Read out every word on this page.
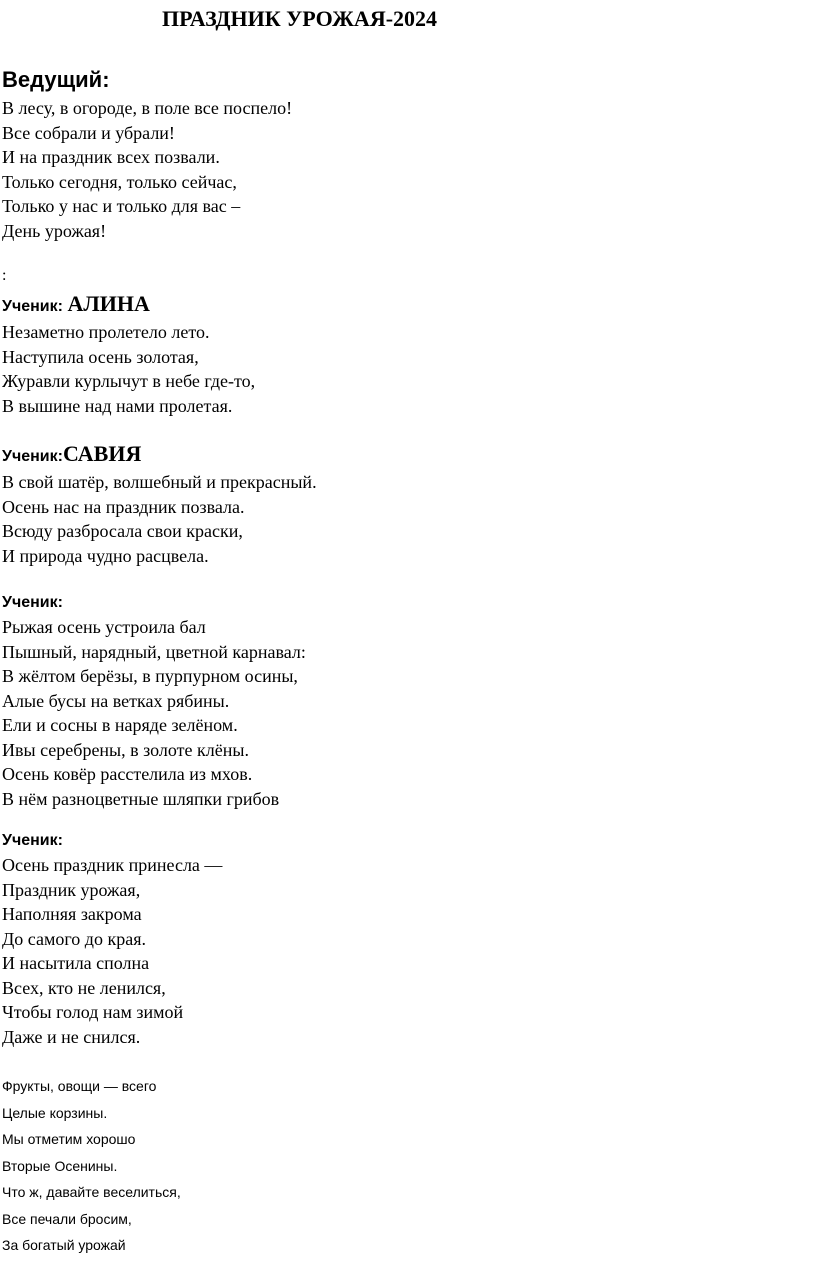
ПРАЗДНИК УРОЖАЯ-2024
Ведущий:
В лесу, в огороде, в поле все поспело!
Все собрали и убрали!
И на праздник всех позвали.
Только сегодня, только сейчас,
Только у нас и только для вас –
День урожая!
:
Ученик: АЛИНА
Незаметно пролетело лето.
Наступила осень золотая,
Журавли курлычут в небе где-то,
В вышине над нами пролетая.
Ученик:САВИЯ
В свой шатёр, волшебный и прекрасный.
Осень нас на праздник позвала.
Всюду разбросала свои краски,
И природа чудно расцвела.
Ученик:
Рыжая осень устроила бал
Пышный, нарядный, цветной карнавал:
В жёлтом берёзы, в пурпурном осины,
Алые бусы на ветках рябины.
Ели и сосны в наряде зелёном.
Ивы серебрены, в золоте клёны.
Осень ковёр расстелила из мхов.
В нём разноцветные шляпки грибов
Ученик:
Осень праздник принесла —
Праздник урожая,
Наполняя закрома
До самого до края.
И насытила сполна
Всех, кто не ленился,
Чтобы голод нам зимой
Даже и не снился.
Фрукты, овощи — всего
Целые корзины.
Мы отметим хорошо
Вторые Осенины.
Что ж, давайте веселиться,
Все печали бросим,
За богатый урожай
